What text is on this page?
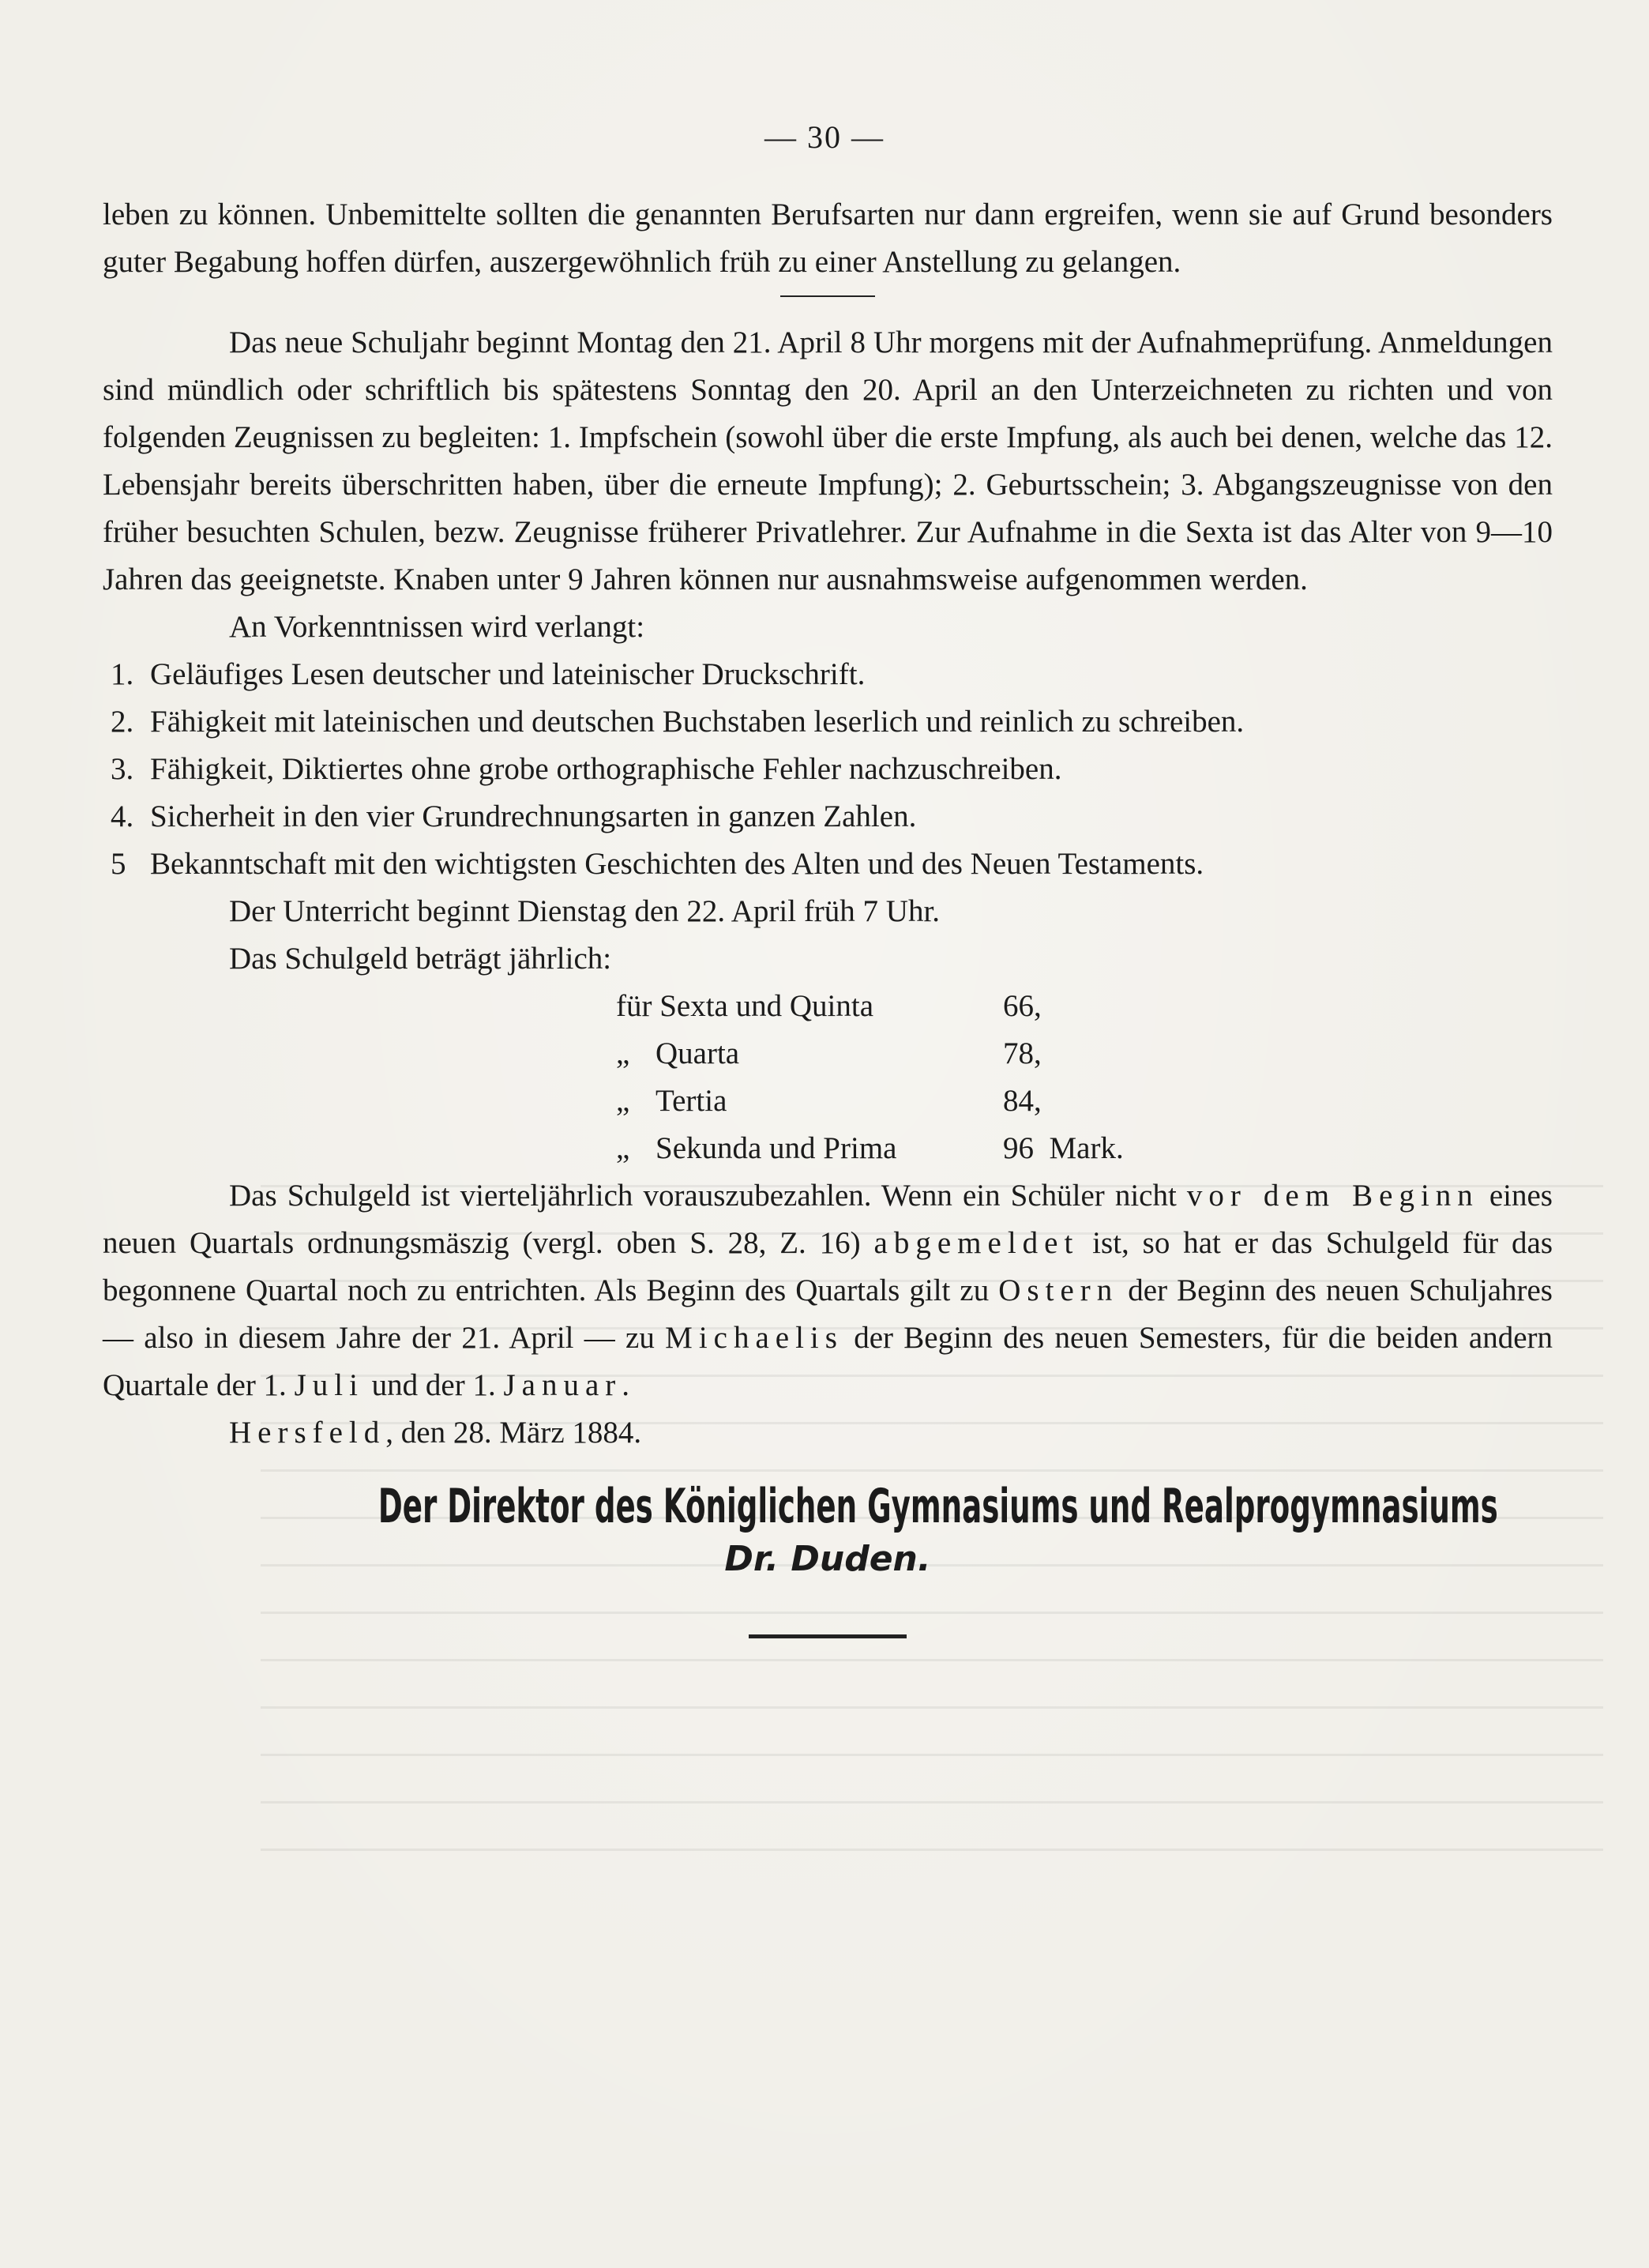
— 30 —

leben zu können. Unbemittelte sollten die genannten Berufsarten nur dann ergreifen, wenn sie auf Grund besonders guter Begabung hoffen dürfen, auszergewöhnlich früh zu einer Anstellung zu gelangen.

Das neue Schuljahr beginnt Montag den 21. April 8 Uhr morgens mit der Aufnahmeprüfung. Anmeldungen sind mündlich oder schriftlich bis spätestens Sonntag den 20. April an den Unterzeichneten zu richten und von folgenden Zeugnissen zu begleiten: 1. Impfschein (sowohl über die erste Impfung, als auch bei denen, welche das 12. Lebensjahr bereits überschritten haben, über die erneute Impfung); 2. Geburtsschein; 3. Abgangszeugnisse von den früher besuchten Schulen, bezw. Zeugnisse früherer Privatlehrer. Zur Aufnahme in die Sexta ist das Alter von 9—10 Jahren das geeignetste. Knaben unter 9 Jahren können nur ausnahmsweise aufgenommen werden.

An Vorkenntnissen wird verlangt:

1. Geläufiges Lesen deutscher und lateinischer Druckschrift.
2. Fähigkeit mit lateinischen und deutschen Buchstaben leserlich und reinlich zu schreiben.
3. Fähigkeit, Diktiertes ohne grobe orthographische Fehler nachzuschreiben.
4. Sicherheit in den vier Grundrechnungsarten in ganzen Zahlen.
5 Bekanntschaft mit den wichtigsten Geschichten des Alten und des Neuen Testaments.

Der Unterricht beginnt Dienstag den 22. April früh 7 Uhr.

Das Schulgeld beträgt jährlich:

für Sexta und Quinta	66,
„ Quarta	78,
„ Tertia	84,
„ Sekunda und Prima	96  Mark.

Das Schulgeld ist vierteljährlich vorauszubezahlen. Wenn ein Schüler nicht vor dem Beginn eines neuen Quartals ordnungsmäszig (vergl. oben S. 28, Z. 16) abgemeldet ist, so hat er das Schulgeld für das begonnene Quartal noch zu entrichten. Als Beginn des Quartals gilt zu Ostern der Beginn des neuen Schuljahres — also in diesem Jahre der 21. April — zu Michaelis der Beginn des neuen Semesters, für die beiden andern Quartale der 1. Juli und der 1. Januar.

Hersfeld, den 28. März 1884.

Der Direktor des Königlichen Gymnasiums und Realprogymnasiums
Dr. Duden.
